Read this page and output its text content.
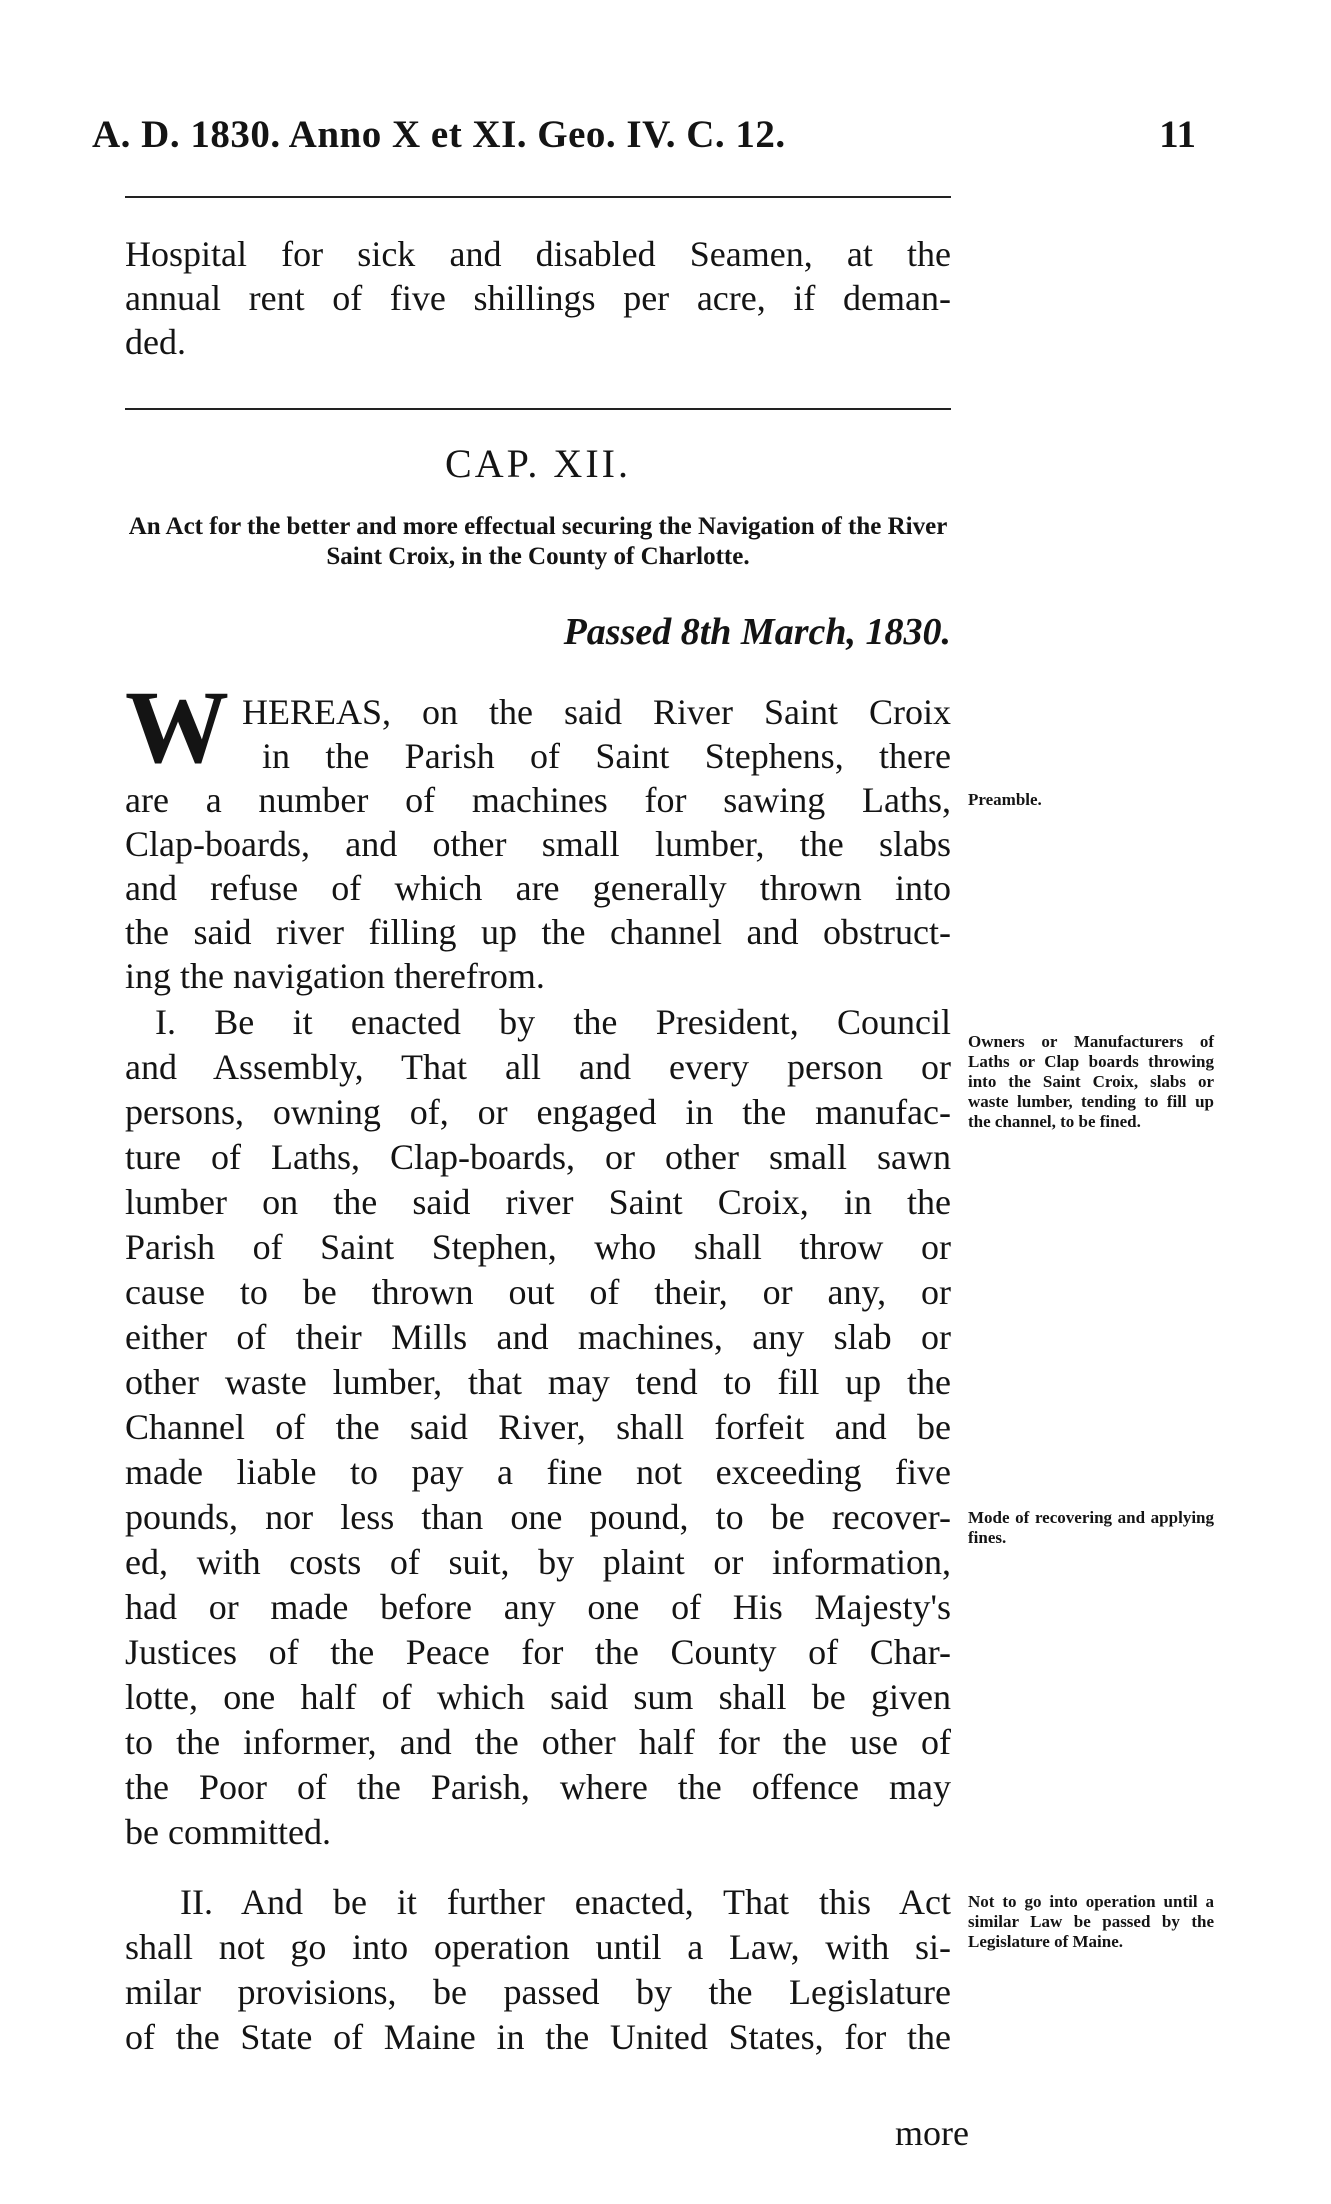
A. D. 1830. Anno X et XI. Geo. IV. C. 12.	11
Hospital for sick and disabled Seamen, at the
annual rent of five shillings per acre, if deman-
ded.
CAP. XII.
An Act for the better and more effectual securing the Navigation of the River Saint Croix, in the County of Charlotte.
Passed 8th March, 1830.
W HEREAS, on the said River Saint Croix
in the Parish of Saint Stephens, there
are a number of machines for sawing Laths,
Clap-boards, and other small lumber, the slabs
and refuse of which are generally thrown into
the said river filling up the channel and obstruct-
ing the navigation therefrom.
I. Be it enacted by the President, Council
and Assembly, That all and every person or
persons, owning of, or engaged in the manufac-
ture of Laths, Clap-boards, or other small sawn
lumber on the said river Saint Croix, in the
Parish of Saint Stephen, who shall throw or
cause to be thrown out of their, or any, or
either of their Mills and machines, any slab or
other waste lumber, that may tend to fill up the
Channel of the said River, shall forfeit and be
made liable to pay a fine not exceeding five
pounds, nor less than one pound, to be recover-
ed, with costs of suit, by plaint or information,
had or made before any one of His Majesty's
Justices of the Peace for the County of Char-
lotte, one half of which said sum shall be given
to the informer, and the other half for the use of
the Poor of the Parish, where the offence may
be committed.
II. And be it further enacted, That this Act
shall not go into operation until a Law, with si-
milar provisions, be passed by the Legislature
of the State of Maine in the United States, for the
more
Preamble.
Owners or Manufacturers of Laths or Clap boards throwing into the Saint Croix, slabs or waste lumber, tending to fill up the channel, to be fined.
Mode of recovering and applying fines.
Not to go into operation until a similar Law be passed by the Legislature of Maine.
